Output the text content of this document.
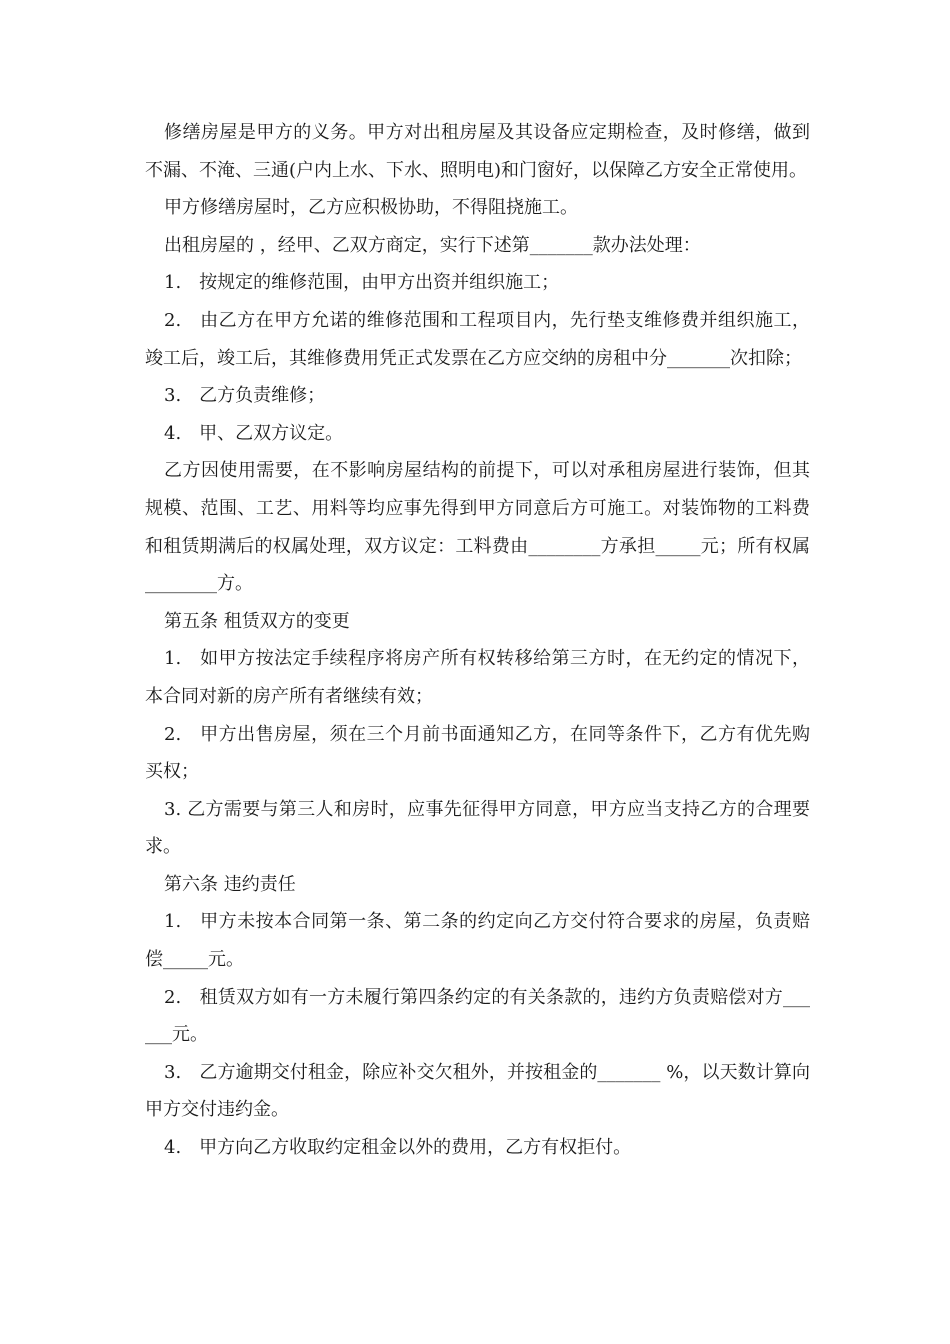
修缮房屋是甲方的义务。甲方对出租房屋及其设备应定期检查，及时修缮，做到不漏、不淹、三通(户内上水、下水、照明电)和门窗好，以保障乙方安全正常使用。

甲方修缮房屋时，乙方应积极协助，不得阻挠施工。

出租房屋的 ，经甲、乙双方商定，实行下述第_______款办法处理：

1.　按规定的维修范围，由甲方出资并组织施工；

2.　由乙方在甲方允诺的维修范围和工程项目内，先行垫支维修费并组织施工，竣工后，竣工后，其维修费用凭正式发票在乙方应交纳的房租中分_______次扣除；

3.　乙方负责维修；

4.　甲、乙双方议定。

乙方因使用需要，在不影响房屋结构的前提下，可以对承租房屋进行装饰，但其规模、范围、工艺、用料等均应事先得到甲方同意后方可施工。对装饰物的工料费和租赁期满后的权属处理，双方议定：工料费由________方承担_____元；所有权属________方。

第五条 租赁双方的变更

1.　如甲方按法定手续程序将房产所有权转移给第三方时，在无约定的情况下，本合同对新的房产所有者继续有效；

2.　甲方出售房屋，须在三个月前书面通知乙方，在同等条件下，乙方有优先购买权；

3. 乙方需要与第三人和房时，应事先征得甲方同意，甲方应当支持乙方的合理要求。

第六条 违约责任

1.　甲方未按本合同第一条、第二条的约定向乙方交付符合要求的房屋，负责赔偿_____元。

2.　租赁双方如有一方未履行第四条约定的有关条款的，违约方负责赔偿对方______元。

3.　乙方逾期交付租金，除应补交欠租外，并按租金的_______ %，以天数计算向甲方交付违约金。

4.　甲方向乙方收取约定租金以外的费用，乙方有权拒付。
